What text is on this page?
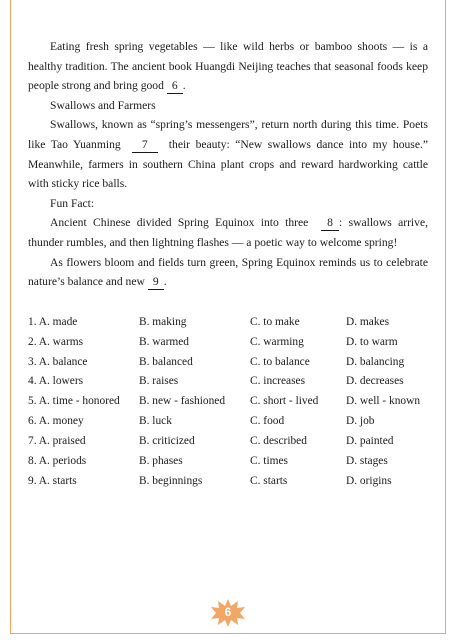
Eating fresh spring vegetables — like wild herbs or bamboo shoots — is a healthy tradition. The ancient book Huangdi Neijing teaches that seasonal foods keep people strong and bring good 6 .

Swallows and Farmers

Swallows, known as “spring’s messengers”, return north during this time. Poets like Tao Yuanming 7 their beauty: “New swallows dance into my house.” Meanwhile, farmers in southern China plant crops and reward hardworking cattle with sticky rice balls.

Fun Fact:

Ancient Chinese divided Spring Equinox into three 8 : swallows arrive, thunder rumbles, and then lightning flashes — a poetic way to welcome spring!

As flowers bloom and fields turn green, Spring Equinox reminds us to celebrate nature’s balance and new 9 .

1. A. made	B. making	C. to make	D. makes
2. A. warms	B. warmed	C. warming	D. to warm
3. A. balance	B. balanced	C. to balance	D. balancing
4. A. lowers	B. raises	C. increases	D. decreases
5. A. time - honored	B. new - fashioned	C. short - lived	D. well - known
6. A. money	B. luck	C. food	D. job
7. A. praised	B. criticized	C. described	D. painted
8. A. periods	B. phases	C. times	D. stages
9. A. starts	B. beginnings	C. starts	D. origins
6
